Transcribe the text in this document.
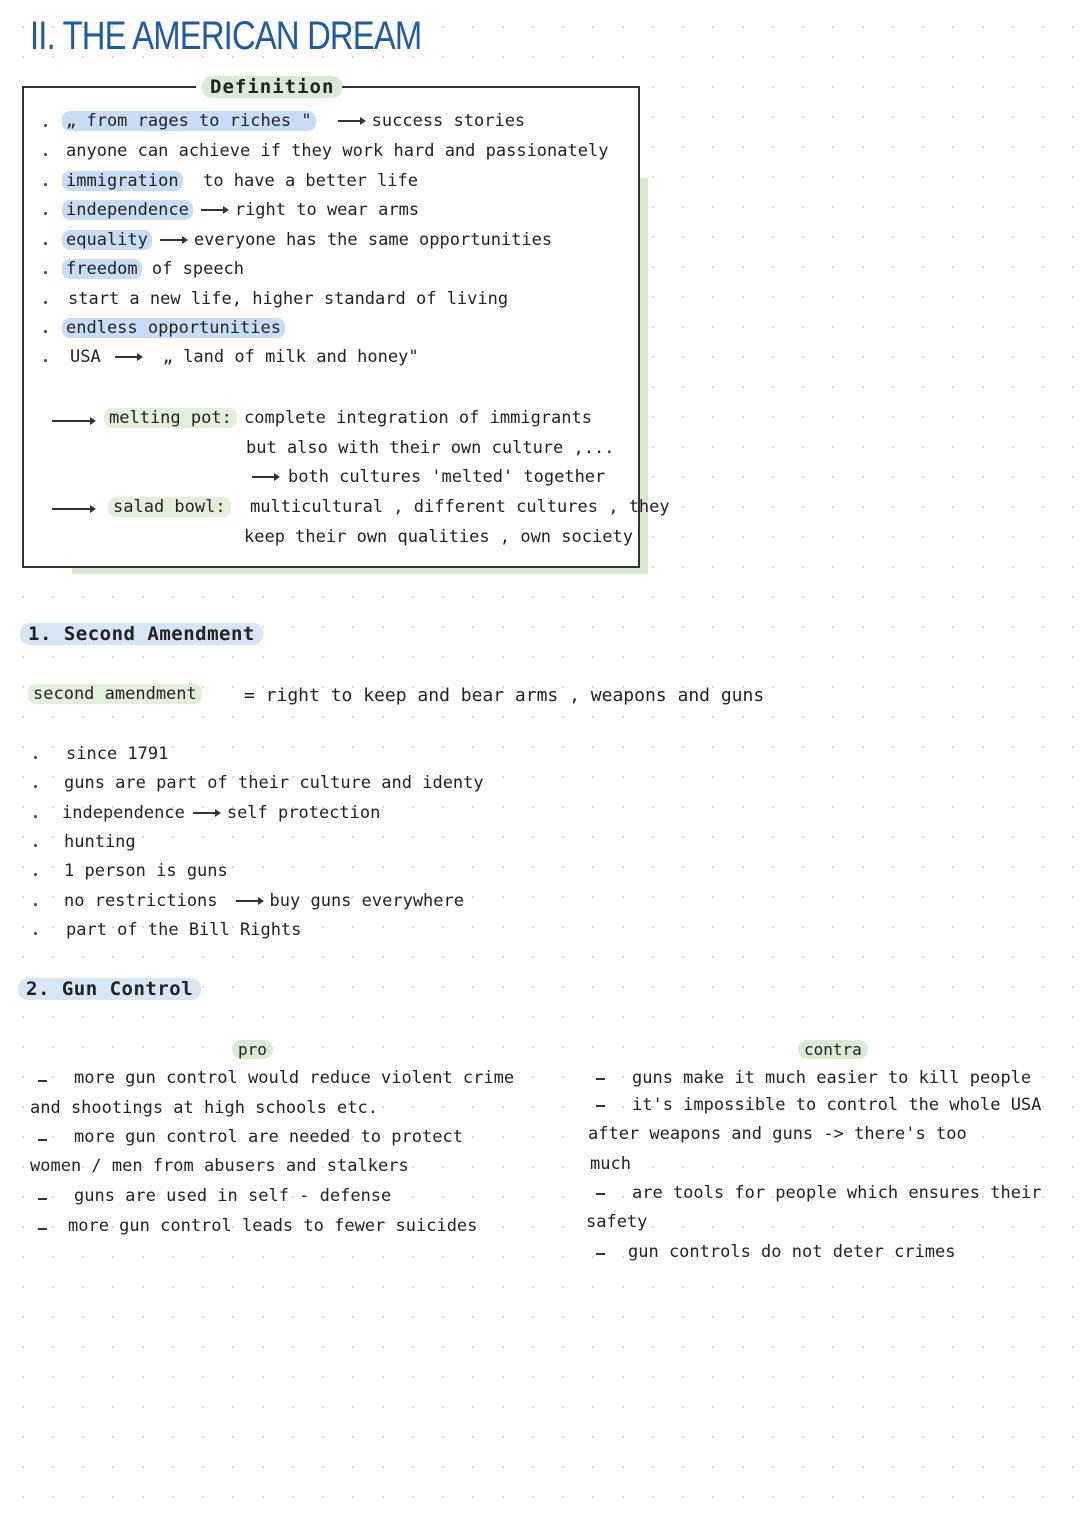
II. THE AMERICAN DREAM
Definition
„ from rages to riches "	success stories
anyone can achieve if they work hard and passionately
immigration to have a better life
independence	right to wear arms
equality	everyone has the same opportunities
freedom of speech
start a new life, higher standard of living
endless opportunities
USA	„ land of milk and honey"
melting pot: complete integration of immigrants
but also with their own culture ,...
both cultures 'melted' together
salad bowl: multicultural , different cultures , they
keep their own qualities , own society
1. Second Amendment
second amendment	= right to keep and bear arms , weapons and guns
since 1791
guns are part of their culture and identy
independence self protection
hunting
1 person is guns
no restrictions	buy guns everywhere
part of the Bill Rights
2. Gun Control
pro
more gun control would reduce violent crime
and shootings at high schools etc.
more gun control are needed to protect
women / men from abusers and stalkers
guns are used in self - defense
more gun control leads to fewer suicides
contra
guns make it much easier to kill people
it's impossible to control the whole USA
after weapons and guns -> there's too
much
are tools for people which ensures their
safety
gun controls do not deter crimes
